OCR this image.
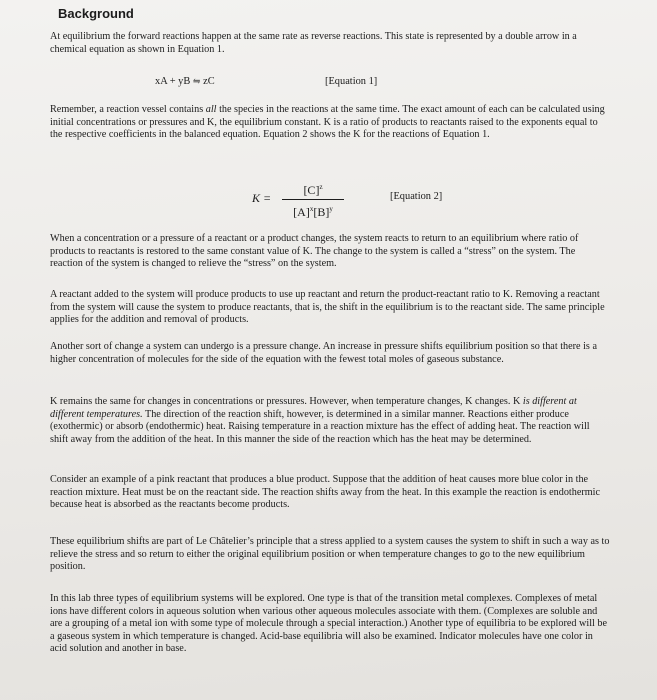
Background

At equilibrium the forward reactions happen at the same rate as reverse reactions. This state is represented by a double arrow in a chemical equation as shown in Equation 1.

xA + yB ⇋ zC	[Equation 1]

Remember, a reaction vessel contains all the species in the reactions at the same time. The exact amount of each can be calculated using initial concentrations or pressures and K, the equilibrium constant. K is a ratio of products to reactants raised to the exponents equal to the respective coefficients in the balanced equation. Equation 2 shows the K for the reactions of Equation 1.

K =
$[C]^z$
$[A]^x[B]^y$
[Equation 2]

When a concentration or a pressure of a reactant or a product changes, the system reacts to return to an equilibrium where ratio of products to reactants is restored to the same constant value of K. The change to the system is called a “stress” on the system. The reaction of the system is changed to relieve the “stress” on the system.

A reactant added to the system will produce products to use up reactant and return the product-reactant ratio to K. Removing a reactant from the system will cause the system to produce reactants, that is, the shift in the equilibrium is to the reactant side. The same principle applies for the addition and removal of products.

Another sort of change a system can undergo is a pressure change. An increase in pressure shifts equilibrium position so that there is a higher concentration of molecules for the side of the equation with the fewest total moles of gaseous substance.

K remains the same for changes in concentrations or pressures. However, when temperature changes, K changes. K is different at different temperatures. The direction of the reaction shift, however, is determined in a similar manner. Reactions either produce (exothermic) or absorb (endothermic) heat. Raising temperature in a reaction mixture has the effect of adding heat. The reaction will shift away from the addition of the heat. In this manner the side of the reaction which has the heat may be determined.

Consider an example of a pink reactant that produces a blue product. Suppose that the addition of heat causes more blue color in the reaction mixture. Heat must be on the reactant side. The reaction shifts away from the heat. In this example the reaction is endothermic because heat is absorbed as the reactants become products.

These equilibrium shifts are part of Le Châtelier’s principle that a stress applied to a system causes the system to shift in such a way as to relieve the stress and so return to either the original equilibrium position or when temperature changes to go to the new equilibrium position.

In this lab three types of equilibrium systems will be explored. One type is that of the transition metal complexes. Complexes of metal ions have different colors in aqueous solution when various other aqueous molecules associate with them. (Complexes are soluble and are a grouping of a metal ion with some type of molecule through a special interaction.) Another type of equilibria to be explored will be a gaseous system in which temperature is changed. Acid-base equilibria will also be examined. Indicator molecules have one color in acid solution and another in base.
